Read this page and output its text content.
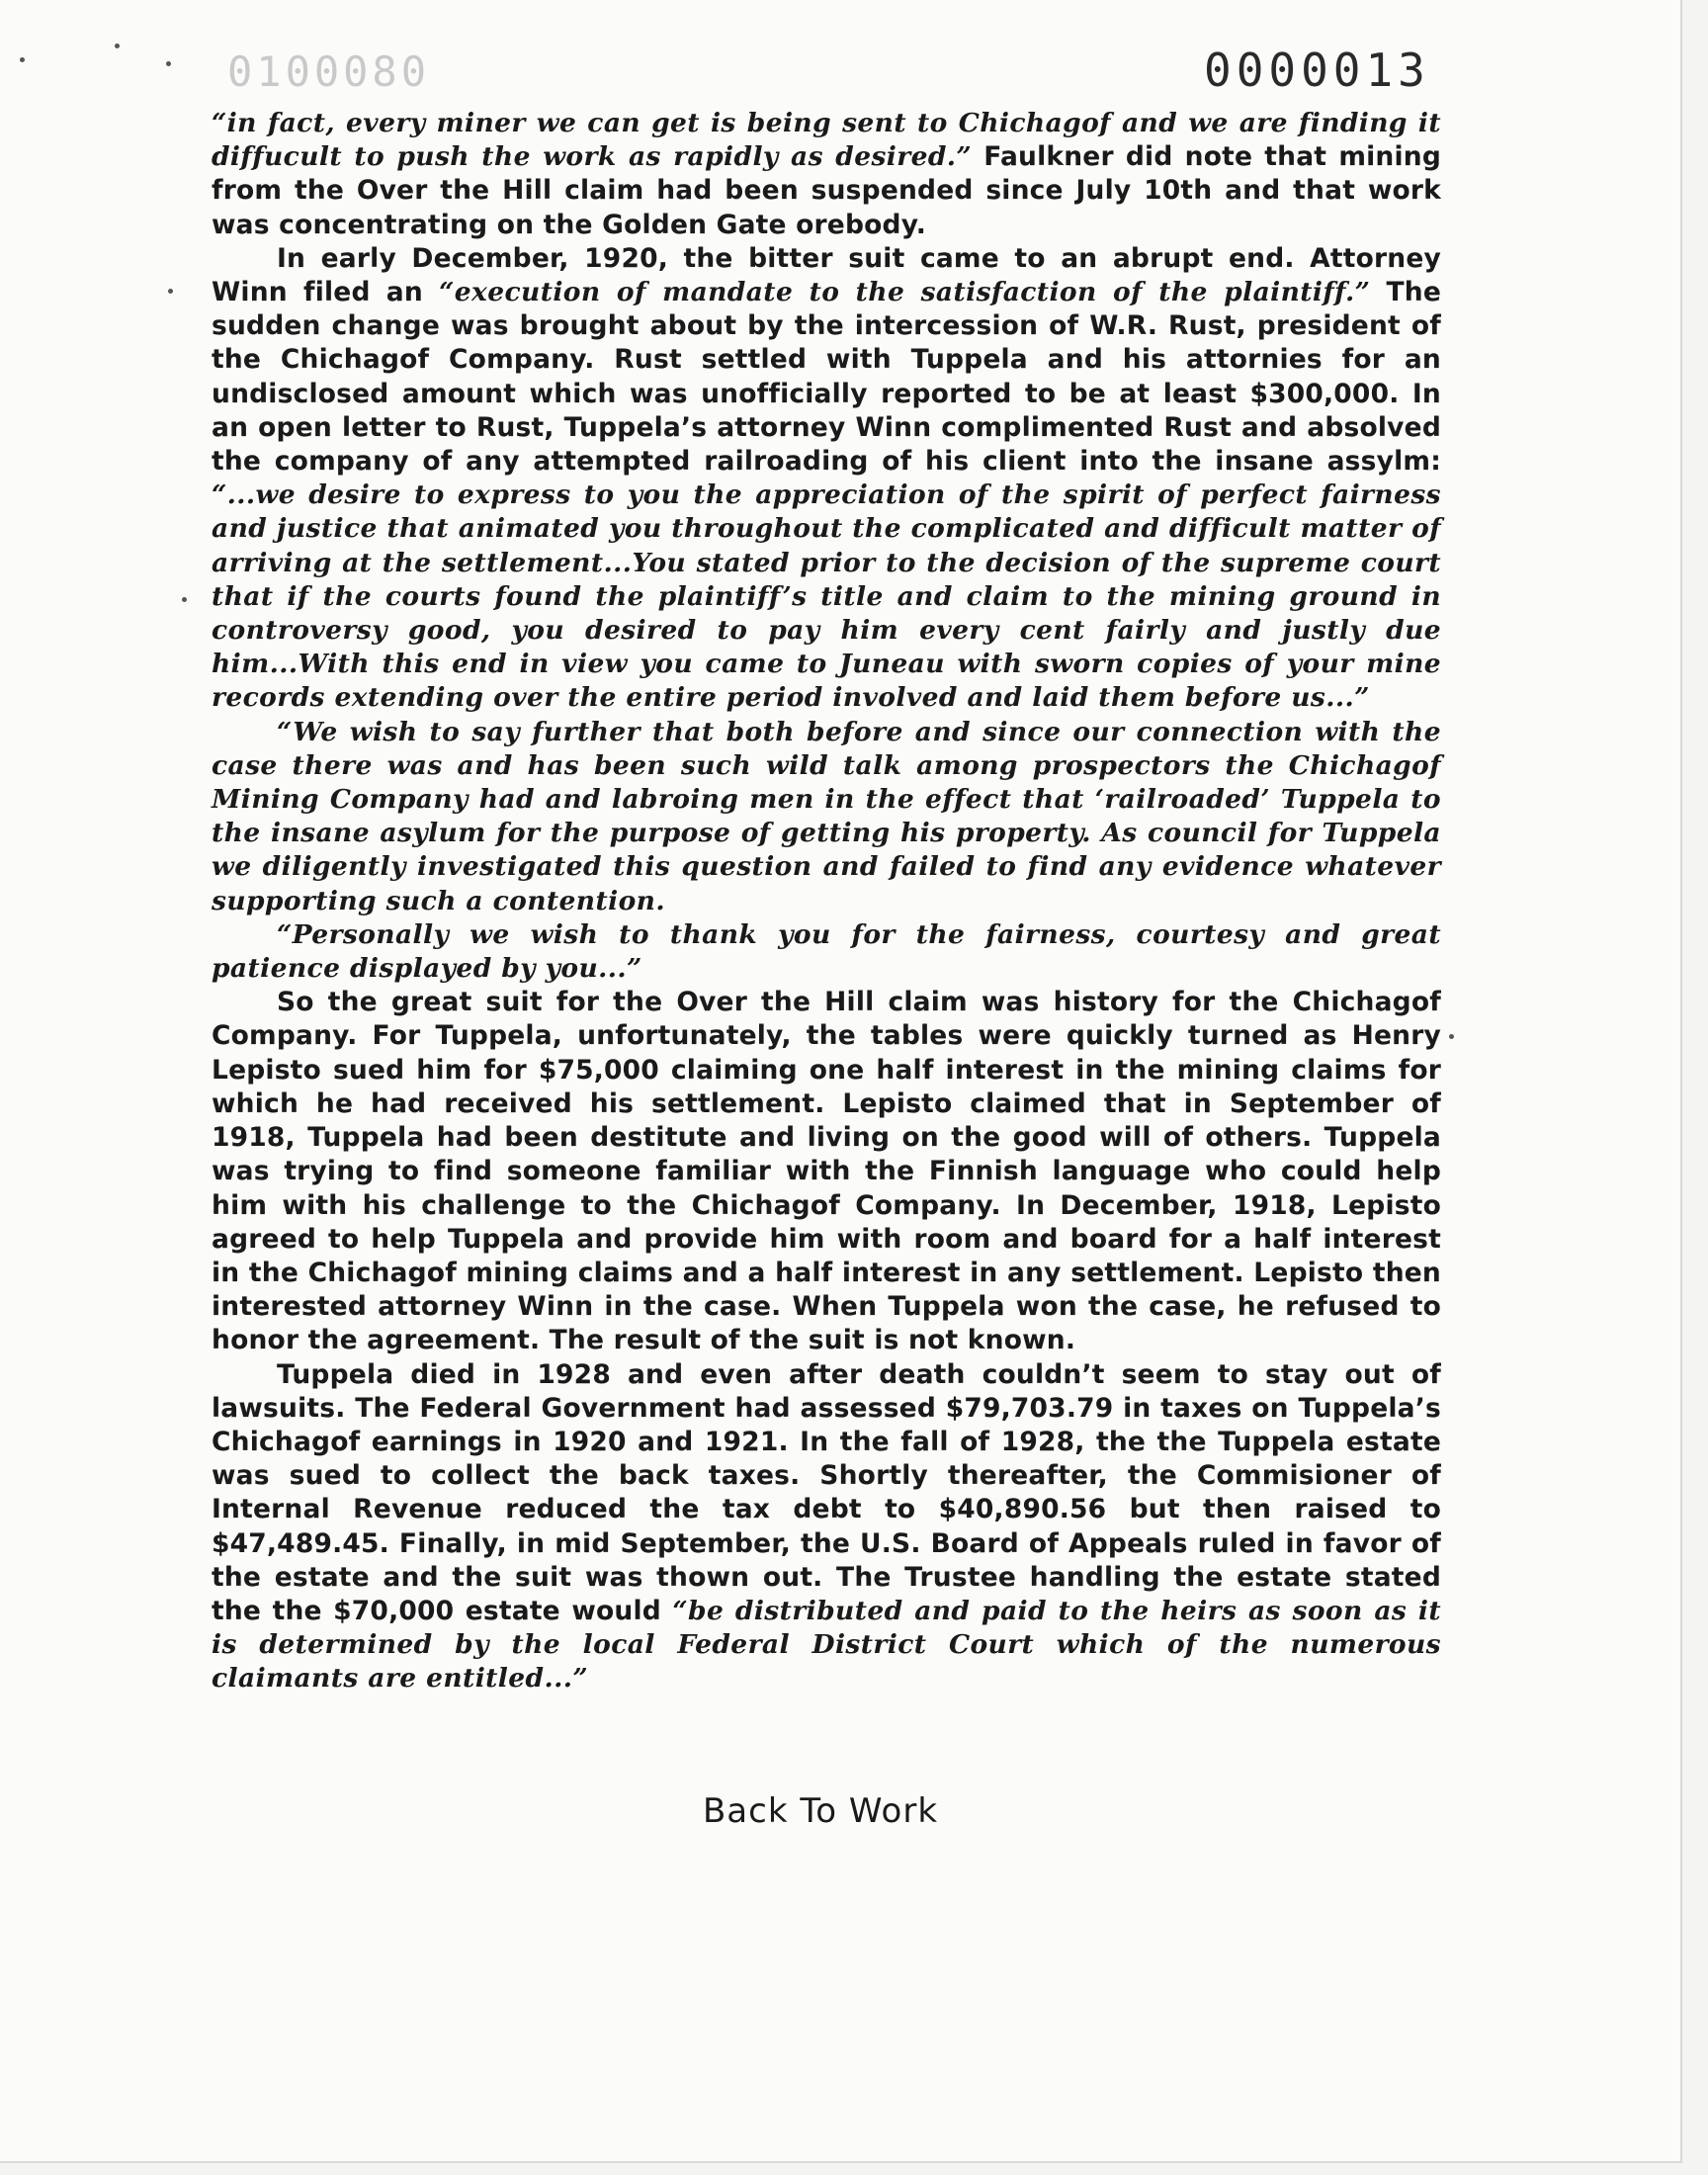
0100080	0000013

“in fact, every miner we can get is being sent to Chichagof and we are finding it diffucult to push the work as rapidly as desired.” Faulkner did note that mining from the Over the Hill claim had been suspended since July 10th and that work was concentrating on the Golden Gate orebody.

In early December, 1920, the bitter suit came to an abrupt end. Attorney Winn filed an “execution of mandate to the satisfaction of the plaintiff.” The sudden change was brought about by the intercession of W.R. Rust, president of the Chichagof Company. Rust settled with Tuppela and his attornies for an undisclosed amount which was unofficially reported to be at least $300,000. In an open letter to Rust, Tuppela’s attorney Winn complimented Rust and absolved the company of any attempted railroading of his client into the insane assylm: “...we desire to express to you the appreciation of the spirit of perfect fairness and justice that animated you throughout the complicated and difficult matter of arriving at the settlement...You stated prior to the decision of the supreme court that if the courts found the plaintiff’s title and claim to the mining ground in controversy good, you desired to pay him every cent fairly and justly due him...With this end in view you came to Juneau with sworn copies of your mine records extending over the entire period involved and laid them before us...”

“We wish to say further that both before and since our connection with the case there was and has been such wild talk among prospectors the Chichagof Mining Company had and labroing men in the effect that ‘railroaded’ Tuppela to the insane asylum for the purpose of getting his property. As council for Tuppela we diligently investigated this question and failed to find any evidence whatever supporting such a contention.

“Personally we wish to thank you for the fairness, courtesy and great patience displayed by you...”

So the great suit for the Over the Hill claim was history for the Chichagof Company. For Tuppela, unfortunately, the tables were quickly turned as Henry Lepisto sued him for $75,000 claiming one half interest in the mining claims for which he had received his settlement. Lepisto claimed that in September of 1918, Tuppela had been destitute and living on the good will of others. Tuppela was trying to find someone familiar with the Finnish language who could help him with his challenge to the Chichagof Company. In December, 1918, Lepisto agreed to help Tuppela and provide him with room and board for a half interest in the Chichagof mining claims and a half interest in any settlement. Lepisto then interested attorney Winn in the case. When Tuppela won the case, he refused to honor the agreement. The result of the suit is not known.

Tuppela died in 1928 and even after death couldn’t seem to stay out of lawsuits. The Federal Government had assessed $79,703.79 in taxes on Tuppela’s Chichagof earnings in 1920 and 1921. In the fall of 1928, the the Tuppela estate was sued to collect the back taxes. Shortly thereafter, the Commisioner of Internal Revenue reduced the tax debt to $40,890.56 but then raised to $47,489.45. Finally, in mid September, the U.S. Board of Appeals ruled in favor of the estate and the suit was thown out. The Trustee handling the estate stated the the $70,000 estate would “be distributed and paid to the heirs as soon as it is determined by the local Federal District Court which of the numerous claimants are entitled...”

Back To Work
